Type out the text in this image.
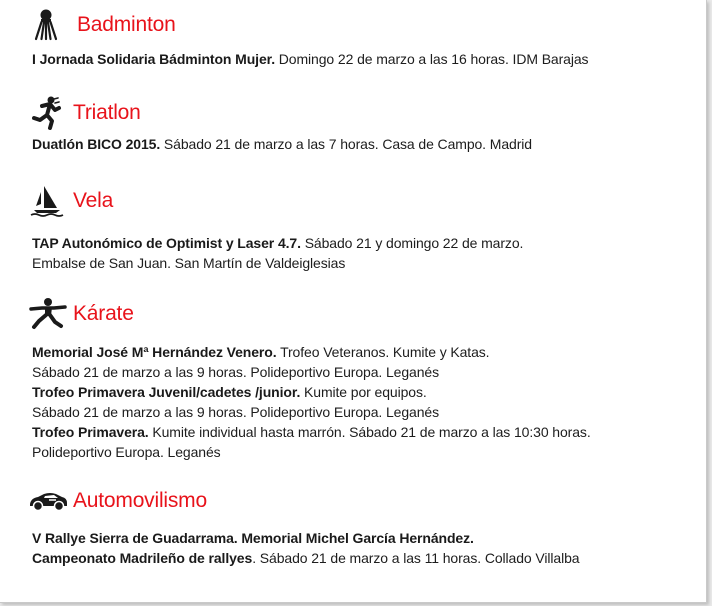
Badminton

I Jornada Solidaria Bádminton Mujer. Domingo 22 de marzo a las 16 horas. IDM Barajas

Triatlon

Duatlón BICO 2015. Sábado 21 de marzo a las 7 horas. Casa de Campo. Madrid

Vela

TAP Autonómico de Optimist y Laser 4.7. Sábado 21 y domingo 22 de marzo.

Embalse de San Juan. San Martín de Valdeiglesias

Kárate

Memorial José Mª Hernández Venero. Trofeo Veteranos. Kumite y Katas.

Sábado 21 de marzo a las 9 horas. Polideportivo Europa. Leganés

Trofeo Primavera Juvenil/cadetes /junior. Kumite por equipos.

Sábado 21 de marzo a las 9 horas. Polideportivo Europa. Leganés

Trofeo Primavera. Kumite individual hasta marrón. Sábado 21 de marzo a las 10:30 horas.

Polideportivo Europa. Leganés

Automovilismo

V Rallye Sierra de Guadarrama. Memorial Michel García Hernández.

Campeonato Madrileño de rallyes. Sábado 21 de marzo a las 11 horas. Collado Villalba
